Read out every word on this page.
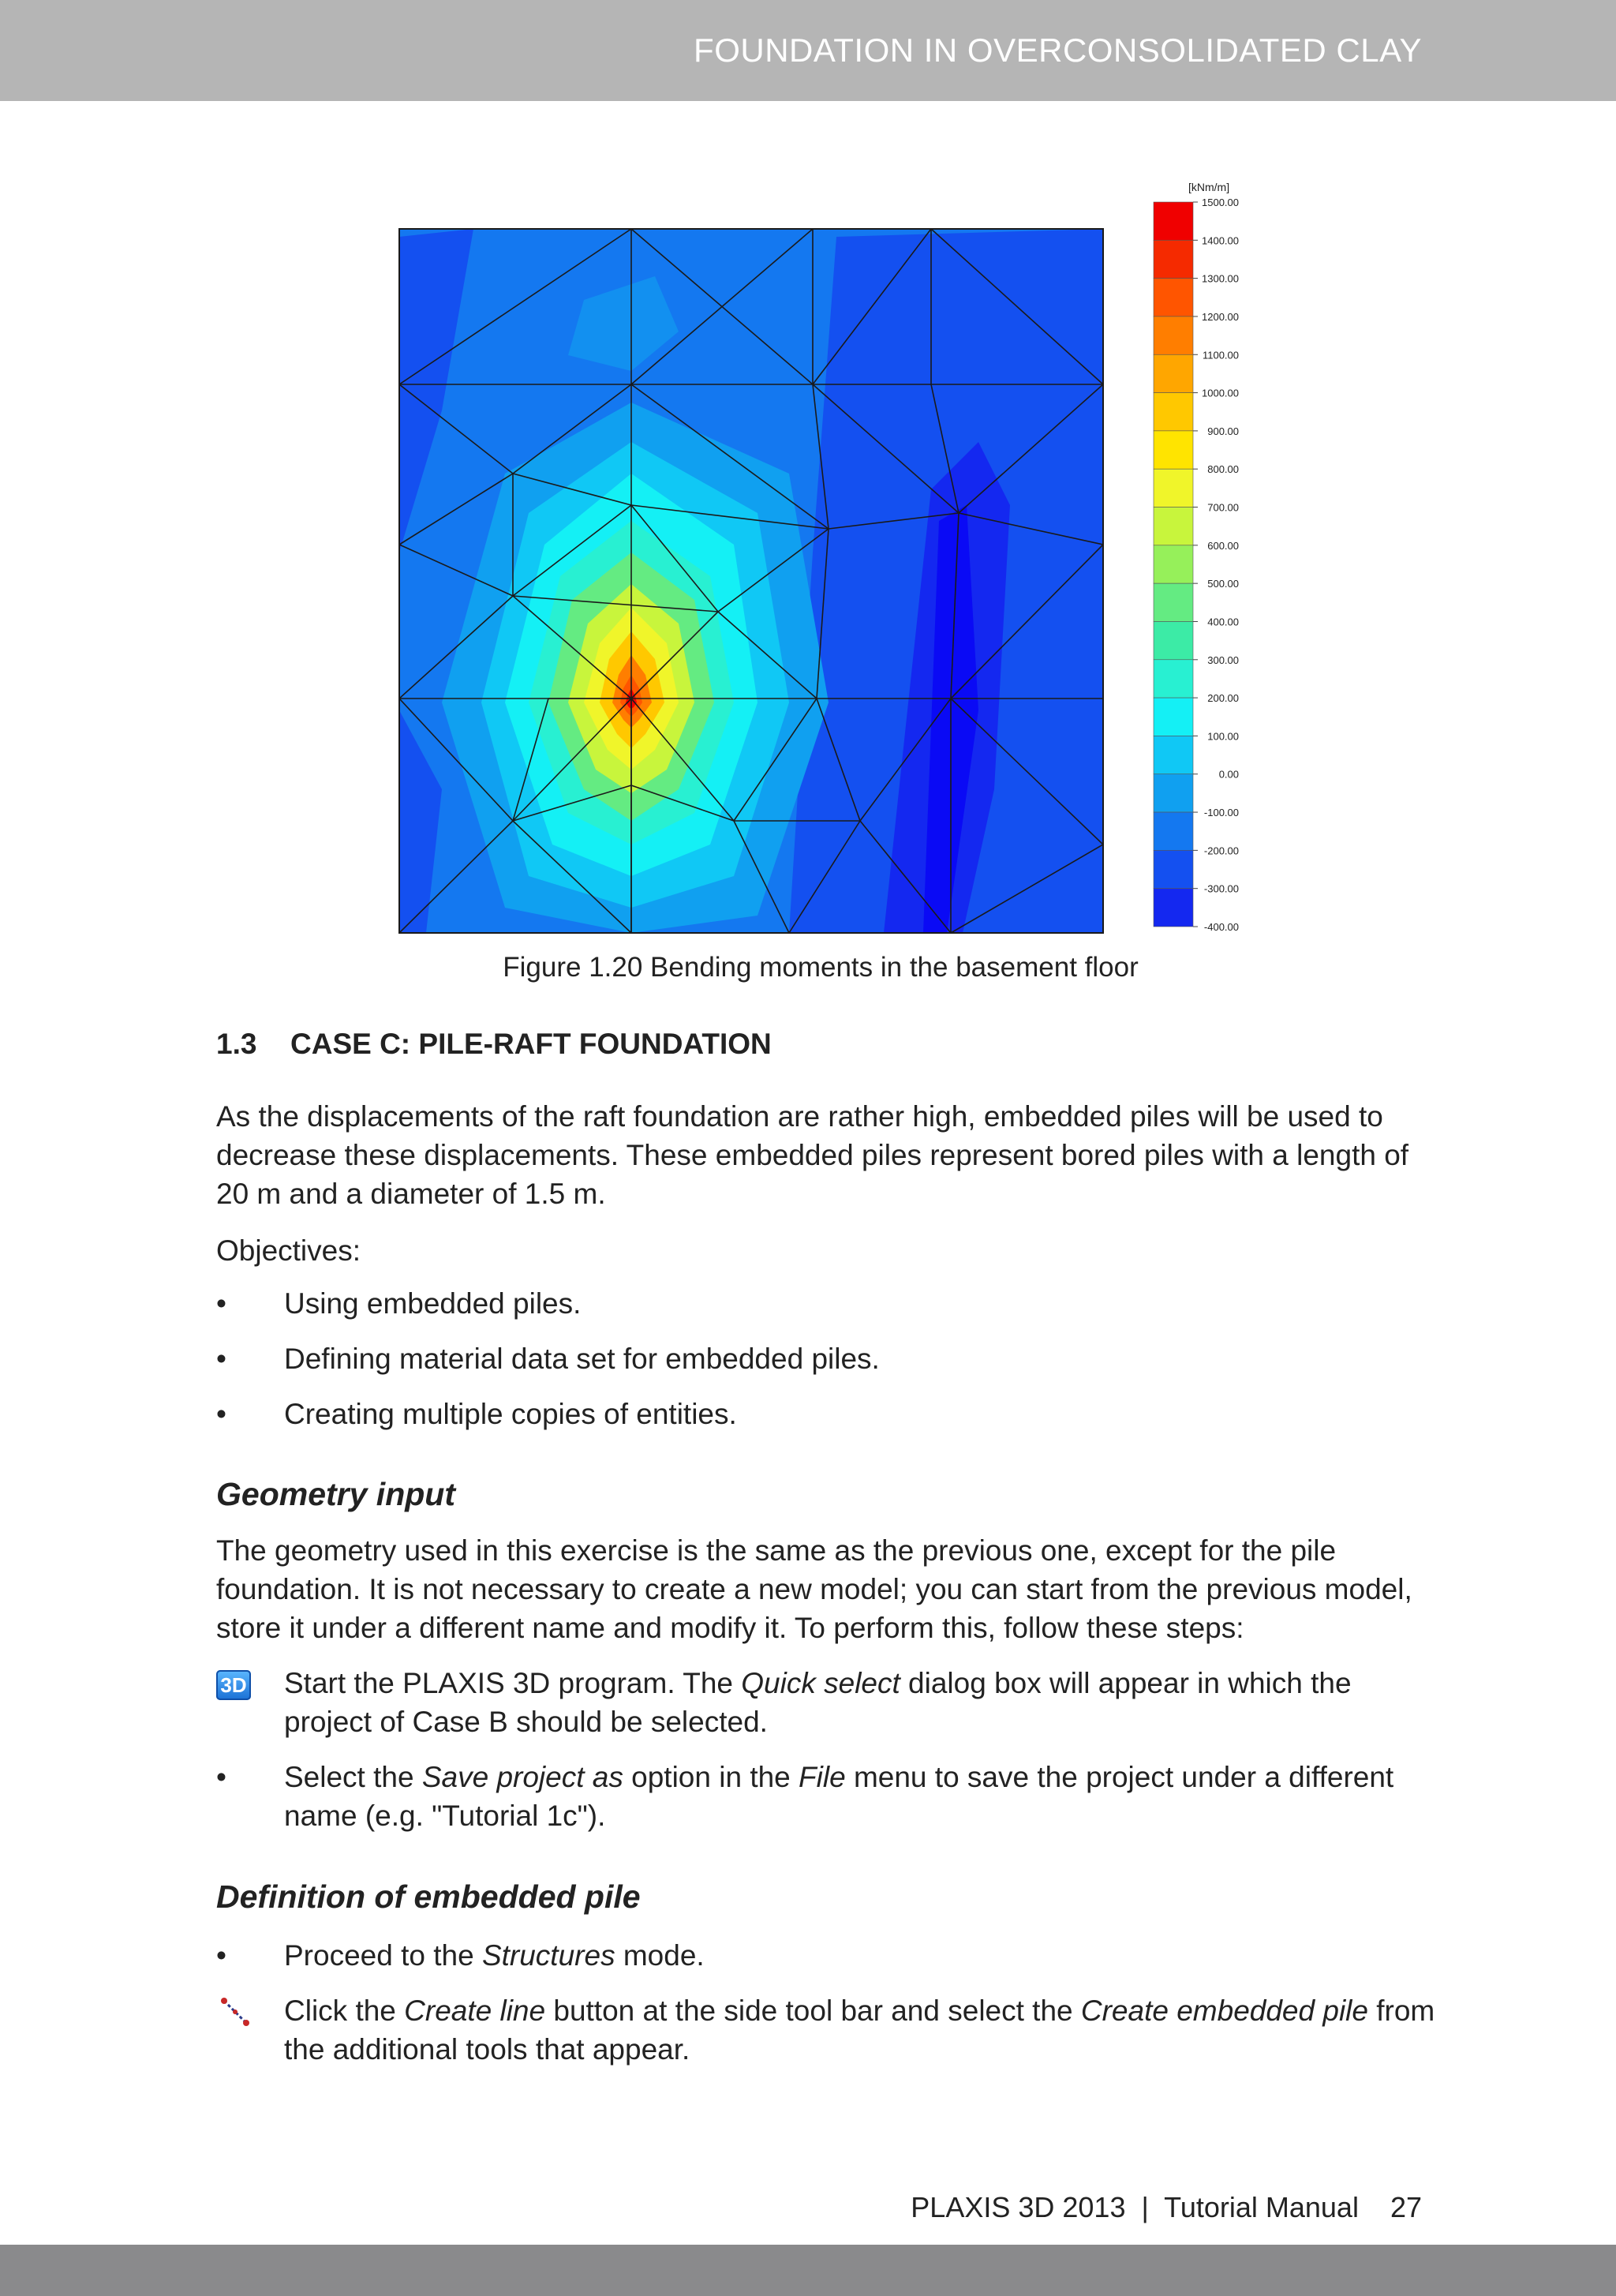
FOUNDATION IN OVERCONSOLIDATED CLAY
[kNm/m]
1500.00
1400.00
1300.00
1200.00
1100.00
1000.00
900.00
800.00
700.00
600.00
500.00
400.00
300.00
200.00
100.00
0.00
-100.00
-200.00
-300.00
-400.00
Figure 1.20 Bending moments in the basement floor
1.3 CASE C: PILE-RAFT FOUNDATION
As the displacements of the raft foundation are rather high, embedded piles will be used to decrease these displacements. These embedded piles represent bored piles with a length of 20 m and a diameter of 1.5 m.
Objectives:
•	Using embedded piles.
•	Defining material data set for embedded piles.
•	Creating multiple copies of entities.
Geometry input
The geometry used in this exercise is the same as the previous one, except for the pile foundation. It is not necessary to create a new model; you can start from the previous model, store it under a different name and modify it. To perform this, follow these steps:
3D Start the PLAXIS 3D program. The Quick select dialog box will appear in which the project of Case B should be selected.
•	Select the Save project as option in the File menu to save the project under a different name (e.g. "Tutorial 1c").
Definition of embedded pile
•	Proceed to the Structures mode.
Click the Create line button at the side tool bar and select the Create embedded pile from the additional tools that appear.
PLAXIS 3D 2013  |  Tutorial Manual 27
